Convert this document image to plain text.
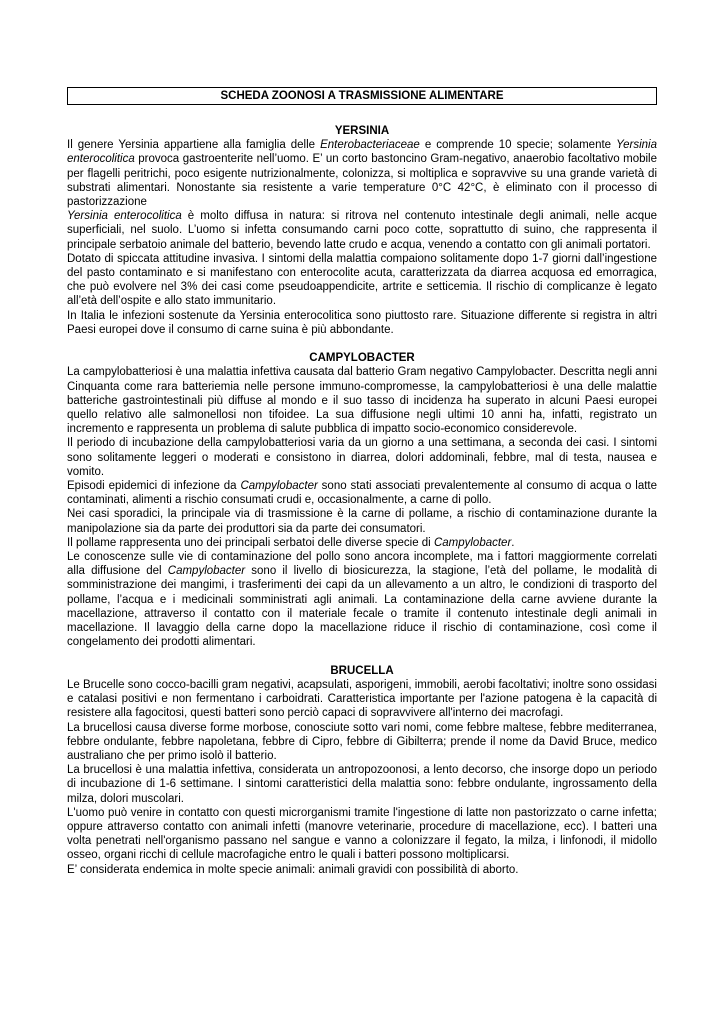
SCHEDA ZOONOSI A TRASMISSIONE ALIMENTARE
YERSINIA

Il genere Yersinia appartiene alla famiglia delle Enterobacteriaceae e comprende 10 specie; solamente Yersinia enterocolitica provoca gastroenterite nell’uomo. E’ un corto bastoncino Gram-negativo, anaerobio facoltativo mobile per flagelli peritrichi, poco esigente nutrizionalmente, colonizza, si moltiplica e sopravvive su una grande varietà di substrati alimentari. Nonostante sia resistente a varie temperature 0°C 42°C, è eliminato con il processo di pastorizzazione

Yersinia enterocolitica è molto diffusa in natura: si ritrova nel contenuto intestinale degli animali, nelle acque superficiali, nel suolo. L’uomo si infetta consumando carni poco cotte, soprattutto di suino, che rappresenta il principale serbatoio animale del batterio, bevendo latte crudo e acqua, venendo a contatto con gli animali portatori.

Dotato di spiccata attitudine invasiva. I sintomi della malattia compaiono solitamente dopo 1-7 giorni dall’ingestione del pasto contaminato e si manifestano con enterocolite acuta, caratterizzata da diarrea acquosa ed emorragica, che può evolvere nel 3% dei casi come pseudoappendicite, artrite e setticemia. Il rischio di complicanze è legato all’età dell’ospite e allo stato immunitario.

In Italia le infezioni sostenute da Yersinia enterocolitica sono piuttosto rare. Situazione differente si registra in altri Paesi europei dove il consumo di carne suina è più abbondante.

CAMPYLOBACTER

La campylobatteriosi è una malattia infettiva causata dal batterio Gram negativo Campylobacter. Descritta negli anni Cinquanta come rara batteriemia nelle persone immuno-compromesse, la campylobatteriosi è una delle malattie batteriche gastrointestinali più diffuse al mondo e il suo tasso di incidenza ha superato in alcuni Paesi europei quello relativo alle salmonellosi non tifoidee. La sua diffusione negli ultimi 10 anni ha, infatti, registrato un incremento e rappresenta un problema di salute pubblica di impatto socio-economico considerevole.

Il periodo di incubazione della campylobatteriosi varia da un giorno a una settimana, a seconda dei casi. I sintomi sono solitamente leggeri o moderati e consistono in diarrea, dolori addominali, febbre, mal di testa, nausea e vomito.

Episodi epidemici di infezione da Campylobacter sono stati associati prevalentemente al consumo di acqua o latte contaminati, alimenti a rischio consumati crudi e, occasionalmente, a carne di pollo.

Nei casi sporadici, la principale via di trasmissione è la carne di pollame, a rischio di contaminazione durante la manipolazione sia da parte dei produttori sia da parte dei consumatori.

Il pollame rappresenta uno dei principali serbatoi delle diverse specie di Campylobacter.

Le conoscenze sulle vie di contaminazione del pollo sono ancora incomplete, ma i fattori maggiormente correlati alla diffusione del Campylobacter sono il livello di biosicurezza, la stagione, l’età del pollame, le modalità di somministrazione dei mangimi, i trasferimenti dei capi da un allevamento a un altro, le condizioni di trasporto del pollame, l’acqua e i medicinali somministrati agli animali. La contaminazione della carne avviene durante la macellazione, attraverso il contatto con il materiale fecale o tramite il contenuto intestinale degli animali in macellazione. Il lavaggio della carne dopo la macellazione riduce il rischio di contaminazione, così come il congelamento dei prodotti alimentari.

BRUCELLA

Le Brucelle sono cocco-bacilli gram negativi, acapsulati, asporigeni, immobili, aerobi facoltativi; inoltre sono ossidasi e catalasi positivi e non fermentano i carboidrati. Caratteristica importante per l'azione patogena è la capacità di resistere alla fagocitosi, questi batteri sono perciò capaci di sopravvivere all'interno dei macrofagi.

La brucellosi causa diverse forme morbose, conosciute sotto vari nomi, come febbre maltese, febbre mediterranea, febbre ondulante, febbre napoletana, febbre di Cipro, febbre di Gibilterra; prende il nome da David Bruce, medico australiano che per primo isolò il batterio.

La brucellosi è una malattia infettiva, considerata un antropozoonosi, a lento decorso, che insorge dopo un periodo di incubazione di 1-6 settimane. I sintomi caratteristici della malattia sono: febbre ondulante, ingrossamento della milza, dolori muscolari.

L'uomo può venire in contatto con questi microrganismi tramite l'ingestione di latte non pastorizzato o carne infetta; oppure attraverso contatto con animali infetti (manovre veterinarie, procedure di macellazione, ecc). I batteri una volta penetrati nell'organismo passano nel sangue e vanno a colonizzare il fegato, la milza, i linfonodi, il midollo osseo, organi ricchi di cellule macrofagiche entro le quali i batteri possono moltiplicarsi.

E’ considerata endemica in molte specie animali: animali gravidi con possibilità di aborto.
